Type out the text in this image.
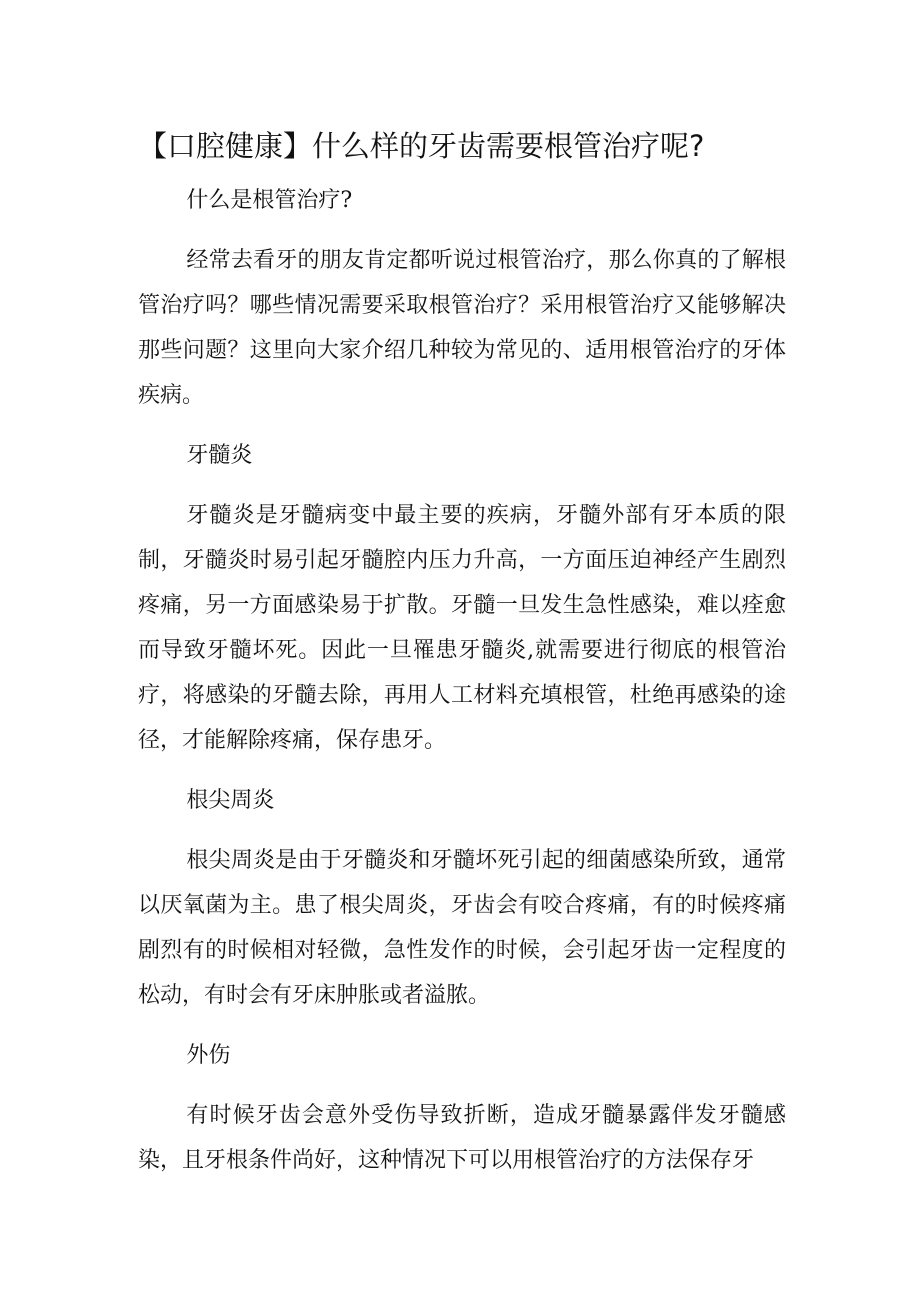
【口腔健康】什么样的牙齿需要根管治疗呢?

什么是根管治疗?

经常去看牙的朋友肯定都听说过根管治疗，那么你真的了解根管治疗吗？哪些情况需要采取根管治疗？采用根管治疗又能够解决那些问题？这里向大家介绍几种较为常见的、适用根管治疗的牙体疾病。

牙髓炎

牙髓炎是牙髓病变中最主要的疾病，牙髓外部有牙本质的限制，牙髓炎时易引起牙髓腔内压力升高，一方面压迫神经产生剧烈疼痛，另一方面感染易于扩散。牙髓一旦发生急性感染，难以痊愈而导致牙髓坏死。因此一旦罹患牙髓炎,就需要进行彻底的根管治疗，将感染的牙髓去除，再用人工材料充填根管，杜绝再感染的途径，才能解除疼痛，保存患牙。

根尖周炎

根尖周炎是由于牙髓炎和牙髓坏死引起的细菌感染所致，通常以厌氧菌为主。患了根尖周炎，牙齿会有咬合疼痛，有的时候疼痛剧烈有的时候相对轻微，急性发作的时候，会引起牙齿一定程度的松动，有时会有牙床肿胀或者溢脓。

外伤

有时候牙齿会意外受伤导致折断，造成牙髓暴露伴发牙髓感染，且牙根条件尚好，这种情况下可以用根管治疗的方法保存牙
